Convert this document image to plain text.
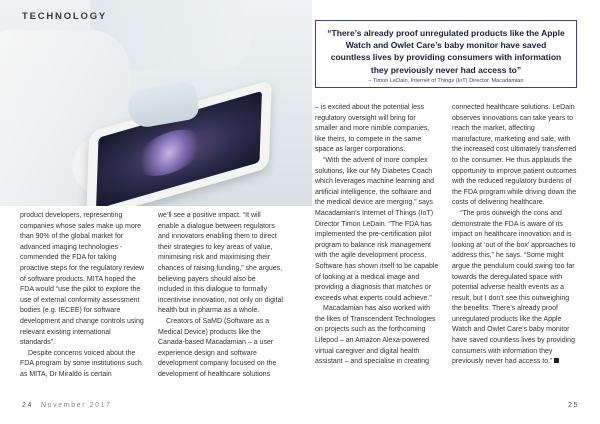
TECHNOLOGY

“There’s already proof unregulated products like the Apple Watch and Owlet Care’s baby monitor have saved countless lives by providing consumers with information they previously never had access to”

– Timon LeDain, Internet of Things (IoT) Director, Macadamian

product developers, representing companies whose sales make up more than 90% of the global market for advanced imaging technologies - commended the FDA for taking proactive steps for the regulatory review of software products. MITA hoped the FDA would “use the pilot to explore the use of external conformity assessment bodies (e.g. IECEE) for software development and change controls using relevant existing international standards”.

Despite concerns voiced about the FDA program by some institutions such as MITA, Dr Miraldo is certain

we’ll see a positive impact. “It will enable a dialogue between regulators and innovators enabling them to direct their strategies to key areas of value, minimising risk and maximising their chances of raising funding,” she argues, believing payers should also be included in this dialogue to formally incentivise innovation, not only on digital health but in pharma as a whole.

Creators of SaMD (Software as a Medical Device) products like the Canada-based Macadamian – a user experience design and software development company focused on the development of healthcare solutions

– is excited about the potential less regulatory oversight will bring for smaller and more nimble companies, like theirs, to compete in the same space as larger corporations.

“With the advent of more complex solutions, like our My Diabetes Coach which leverages machine learning and artificial intelligence, the software and the medical device are merging,” says Macadamian’s Internet of Things (IoT) Director Timon LeDain. “The FDA has implemented the pre-certification pilot program to balance risk management with the agile development process. Software has shown itself to be capable of looking at a medical image and providing a diagnosis that matches or exceeds what experts could achieve.”

Macadamian has also worked with the likes of Transcendent Technologies on projects such as the forthcoming Lifepod – an Amazon Alexa-powered virtual caregiver and digital health assistant – and specialise in creating

connected healthcare solutions. LeDain observes innovations can take years to reach the market, affecting manufacture, marketing and sale, with the increased cost ultimately transferred to the consumer. He thus applauds the opportunity to improve patient outcomes with the reduced regulatory burdens of the FDA program while driving down the costs of delivering healthcare.

“The pros outweigh the cons and demonstrate the FDA is aware of its impact on healthcare innovation and is looking at ‘out of the box’ approaches to address this,” he says. “Some might argue the pendulum could swing too far towards the deregulated space with potential adverse health events as a result, but I don’t see this outweighing the benefits. There’s already proof unregulated products like the Apple Watch and Owlet Care’s baby monitor have saved countless lives by providing consumers with information they previously never had access to.”

24 November 2017	25
